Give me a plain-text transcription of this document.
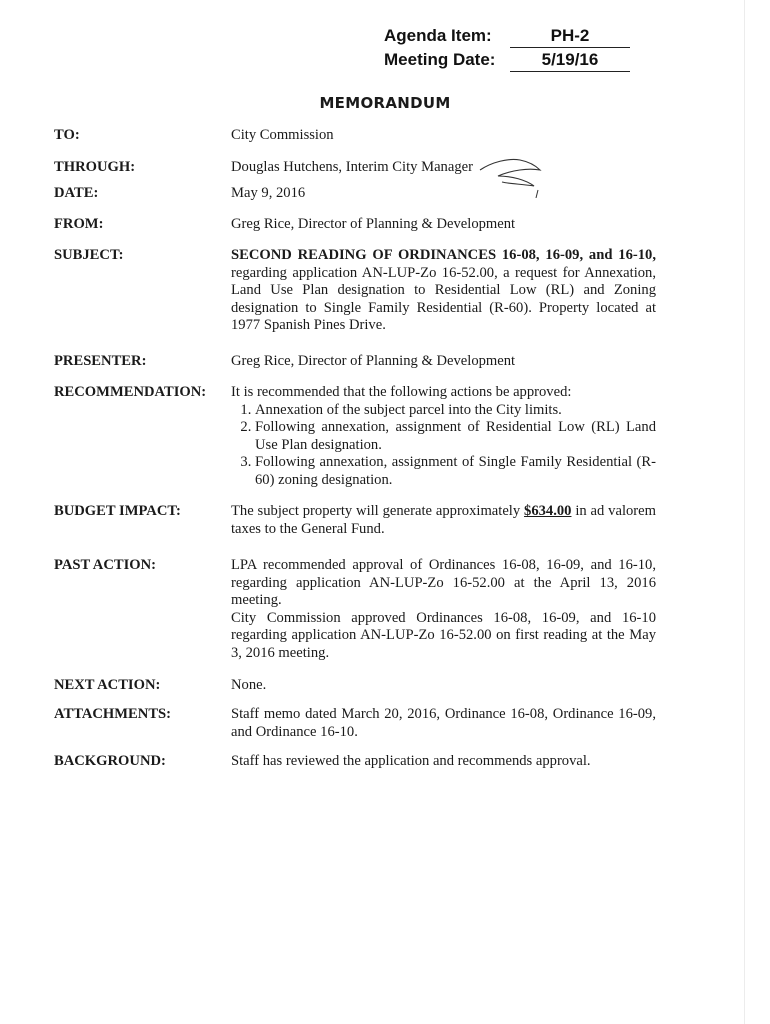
Agenda Item:	PH-2
Meeting Date:	5/19/16
MEMORANDUM
TO:	City Commission
THROUGH:	Douglas Hutchens, Interim City Manager
DATE:	May 9, 2016
FROM:	Greg Rice, Director of Planning & Development
SUBJECT:	SECOND READING OF ORDINANCES 16-08, 16-09, and 16-10, regarding application AN-LUP-Zo 16-52.00, a request for Annexation, Land Use Plan designation to Residential Low (RL) and Zoning designation to Single Family Residential (R-60). Property located at 1977 Spanish Pines Drive.
PRESENTER:	Greg Rice, Director of Planning & Development
RECOMMENDATION: It is recommended that the following actions be approved:
1. Annexation of the subject parcel into the City limits.
2. Following annexation, assignment of Residential Low (RL) Land Use Plan designation.
3. Following annexation, assignment of Single Family Residential (R-60) zoning designation.
BUDGET IMPACT:	The subject property will generate approximately $634.00 in ad valorem taxes to the General Fund.
PAST ACTION:	LPA recommended approval of Ordinances 16-08, 16-09, and 16-10, regarding application AN-LUP-Zo 16-52.00 at the April 13, 2016 meeting.
City Commission approved Ordinances 16-08, 16-09, and 16-10 regarding application AN-LUP-Zo 16-52.00 on first reading at the May 3, 2016 meeting.
NEXT ACTION:	None.
ATTACHMENTS:	Staff memo dated March 20, 2016, Ordinance 16-08, Ordinance 16-09, and Ordinance 16-10.
BACKGROUND:	Staff has reviewed the application and recommends approval.
